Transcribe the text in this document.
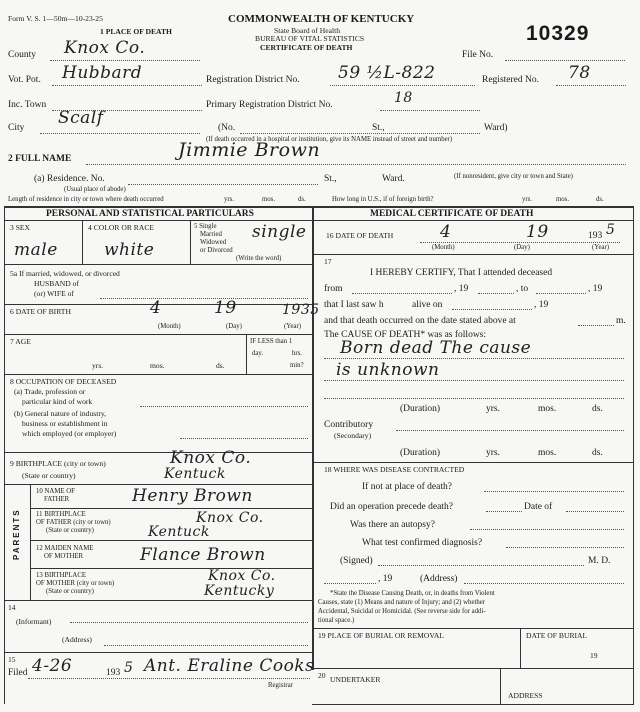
Form V. S. 1—50m—10-23-25
1 PLACE OF DEATH
COMMONWEALTH OF KENTUCKY
State Board of Health
BUREAU OF VITAL STATISTICS
CERTIFICATE OF DEATH
10329
County Knox Co.	File No.
Vot. Pot. Hubbard	Registration District No. 59 ½L-822	Registered No. 78
Inc. Town	Primary Registration District No.	18
City Scalf	(No.	St.,	Ward)
(If death occurred in a hospital or institution, give its NAME instead of street and number)
2 FULL NAME	Jimmie Brown
(a) Residence. No.	St.,	Ward.	(If nonresident, give city or town and State)
(Usual place of abode)
Length of residence in city or town where death occurred	yrs.	mos.	ds.	How long in U.S., if of foreign birth?	yrs.	mos.	ds.
PERSONAL AND STATISTICAL PARTICULARS	MEDICAL CERTIFICATE OF DEATH
3 SEX
male
4 COLOR OR RACE
white
5 Single
Married
Widowed
or Divorced
(Write the word)
single
5a If married, widowed, or divorced
HUSBAND of
(or) WIFE of
6 DATE OF BIRTH	4	19	1935
(Month)	(Day)	(Year)
7 AGE
yrs.	mos.	ds.
IF LESS than 1
day.	hrs.
min?
8 OCCUPATION OF DECEASED
(a) Trade, profession or
particular kind of work
(b) General nature of industry,
business or establishment in
which employed (or employer)
9 BIRTHPLACE (city or town)
(State or country)
Knox Co.
Kentuck
PARENTS
10 NAME OF
FATHER	Henry Brown
11 BIRTHPLACE
OF FATHER (city or town)
(State or country)
Knox Co.
Kentuck
12 MAIDEN NAME
OF MOTHER	Flance Brown
13 BIRTHPLACE
OF MOTHER (city or town)
(State or country)
Knox Co.
Kentucky
14
(Informant)
(Address)
15
Filed 4-26	193 5 Ant. Eraline Cooks
Registrar
16 DATE OF DEATH	4	19	193 5
(Month)	(Day)	(Year)
17
I HEREBY CERTIFY, That I attended deceased
from	, 19	, to	, 19
that I last saw h	alive on	, 19
and that death occurred on the date stated above at	m.
The CAUSE OF DEATH* was as follows:
Born dead The cause
is unknown
(Duration)	yrs.	mos.	ds.
Contributory
(Secondary)
(Duration)	yrs.	mos.	ds.
18 WHERE WAS DISEASE CONTRACTED
If not at place of death?
Did an operation precede death?	Date of
Was there an autopsy?
What test confirmed diagnosis?
(Signed)	M. D.
, 19	(Address)
*State the Disease Causing Death, or, in deaths from Violent
Causes, state (1) Means and nature of Injury; and (2) whether
Accidental, Suicidal or Homicidal. (See reverse side for addi-
tional space.)
19 PLACE OF BURIAL OR REMOVAL	DATE OF BURIAL
19
20 UNDERTAKER
ADDRESS
